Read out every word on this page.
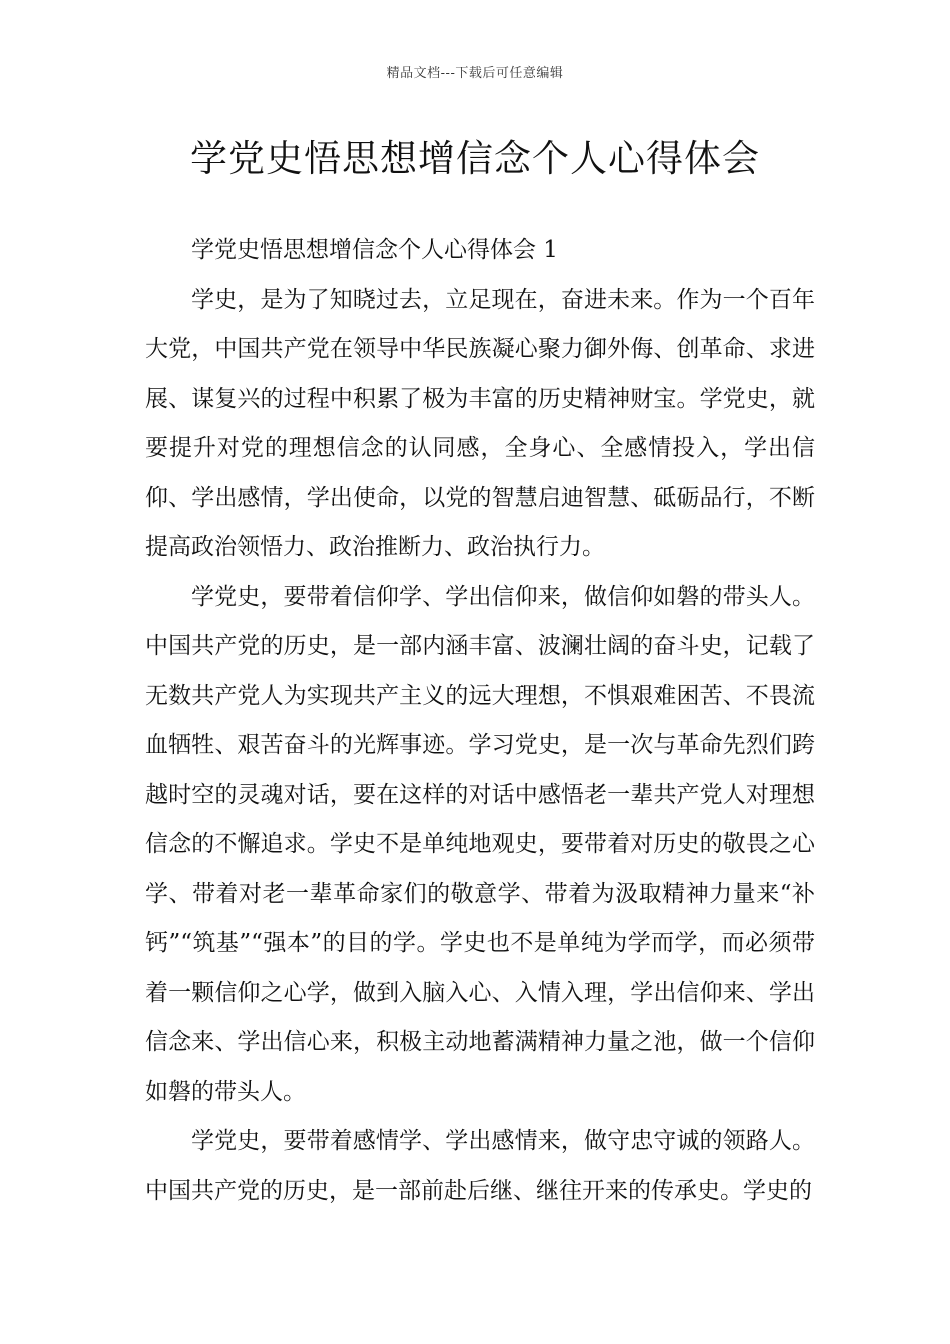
精品文档---下载后可任意编辑
学党史悟思想增信念个人心得体会

学党史悟思想增信念个人心得体会 1

学史，是为了知晓过去，立足现在，奋进未来。作为一个百年大党，中国共产党在领导中华民族凝心聚力御外侮、创革命、求进展、谋复兴的过程中积累了极为丰富的历史精神财宝。学党史，就要提升对党的理想信念的认同感，全身心、全感情投入，学出信仰、学出感情，学出使命，以党的智慧启迪智慧、砥砺品行，不断提高政治领悟力、政治推断力、政治执行力。

学党史，要带着信仰学、学出信仰来，做信仰如磐的带头人。中国共产党的历史，是一部内涵丰富、波澜壮阔的奋斗史，记载了无数共产党人为实现共产主义的远大理想，不惧艰难困苦、不畏流血牺牲、艰苦奋斗的光辉事迹。学习党史，是一次与革命先烈们跨越时空的灵魂对话，要在这样的对话中感悟老一辈共产党人对理想信念的不懈追求。学史不是单纯地观史，要带着对历史的敬畏之心学、带着对老一辈革命家们的敬意学、带着为汲取精神力量来“补钙”“筑基”“强本”的目的学。学史也不是单纯为学而学，而必须带着一颗信仰之心学，做到入脑入心、入情入理，学出信仰来、学出信念来、学出信心来，积极主动地蓄满精神力量之池，做一个信仰如磐的带头人。

学党史，要带着感情学、学出感情来，做守忠守诚的领路人。中国共产党的历史，是一部前赴后继、继往开来的传承史。学史的
